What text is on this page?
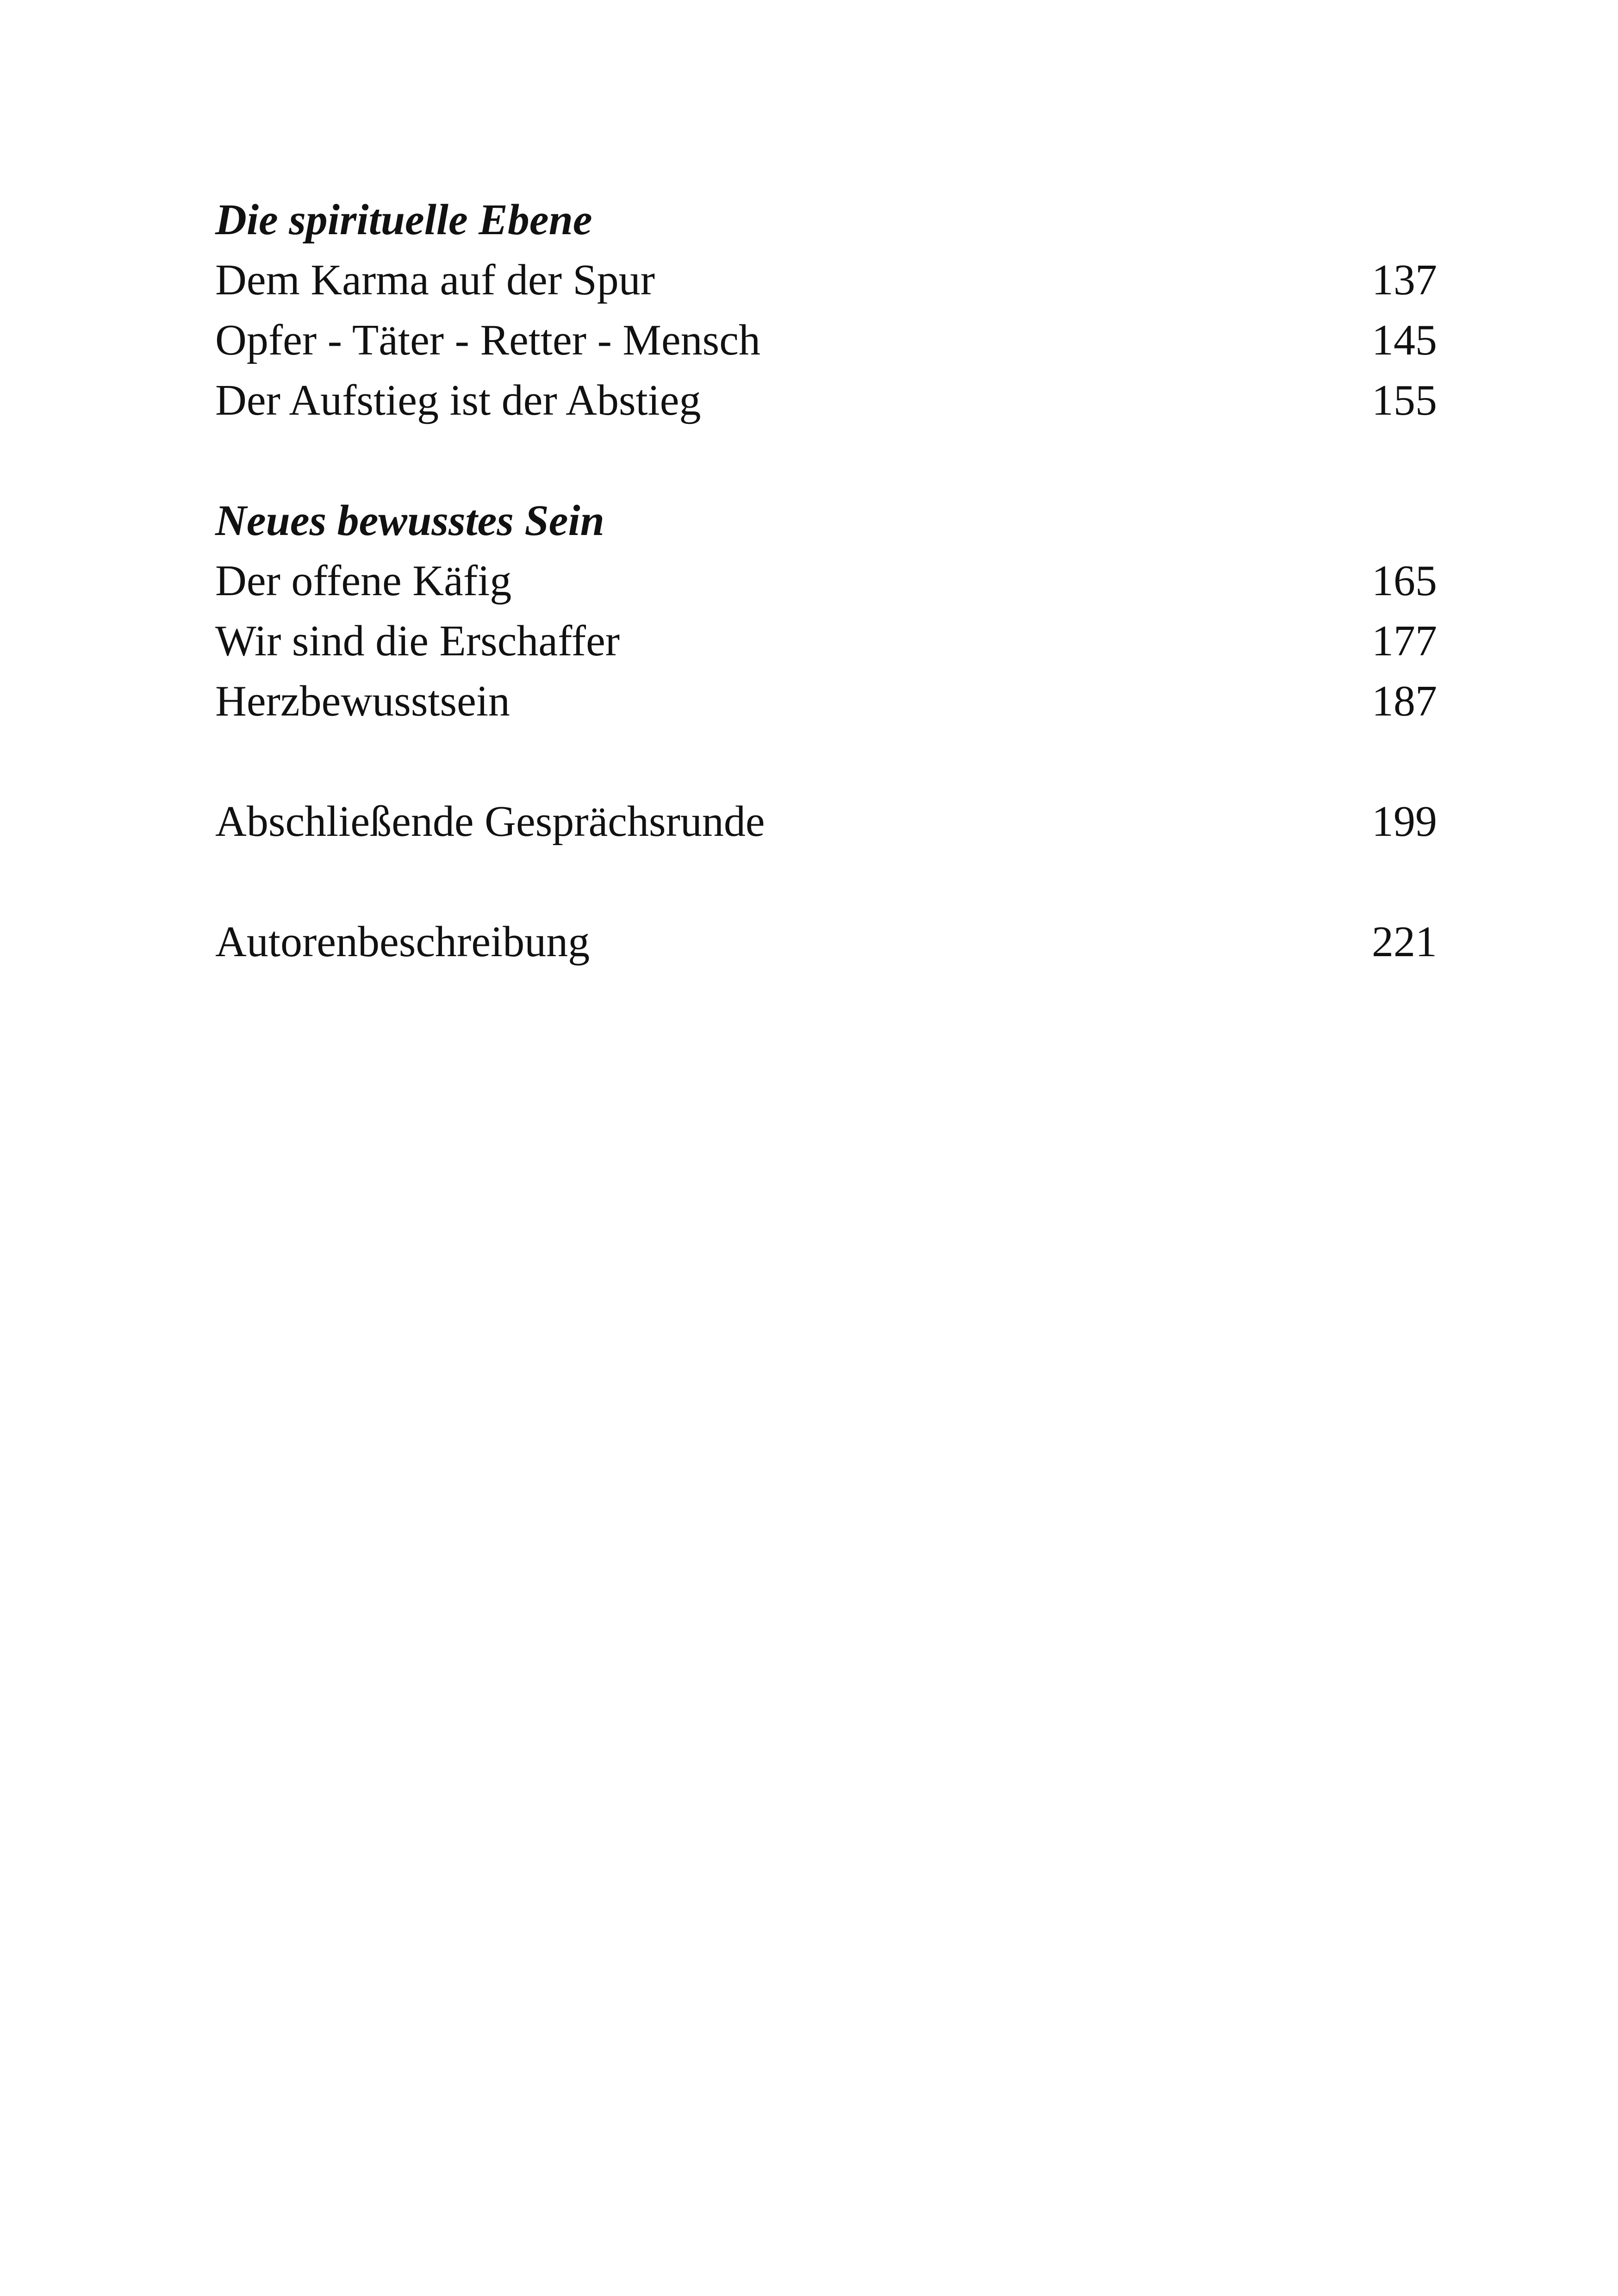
Die spirituelle Ebene
Dem Karma auf der Spur	137
Opfer - Täter - Retter - Mensch	145
Der Aufstieg ist der Abstieg	155
Neues bewusstes Sein
Der offene Käfig	165
Wir sind die Erschaffer	177
Herzbewusstsein	187
Abschließende Gesprächsrunde	199
Autorenbeschreibung	221
